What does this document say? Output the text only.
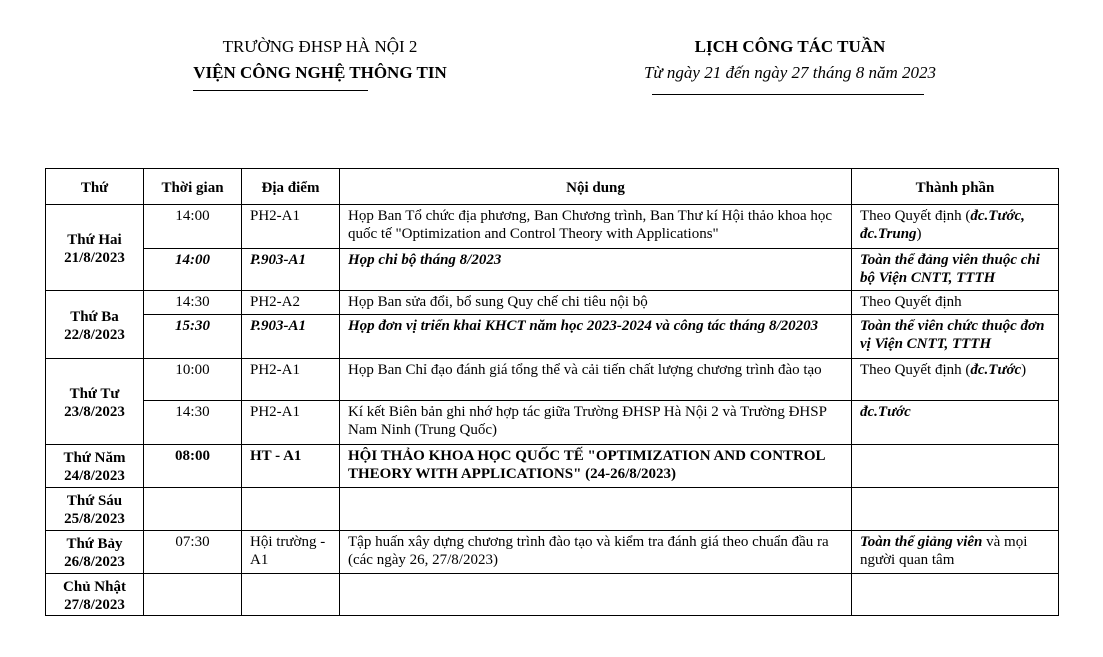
TRƯỜNG ĐHSP HÀ NỘI 2
VIỆN CÔNG NGHỆ THÔNG TIN
LỊCH CÔNG TÁC TUẦN
Từ ngày 21 đến ngày 27 tháng 8 năm 2023
Thứ	Thời gian	Địa điểm	Nội dung	Thành phần

Thứ Hai
21/8/2023	14:00	PH2-A1	Họp Ban Tổ chức địa phương, Ban Chương trình, Ban Thư kí Hội thảo khoa học quốc tế "Optimization and Control Theory with Applications"	Theo Quyết định (đc.Tước, đc.Trung)
	14:00	P.903-A1	Họp chi bộ tháng 8/2023	Toàn thể đảng viên thuộc chi bộ Viện CNTT, TTTH

Thứ Ba
22/8/2023	14:30	PH2-A2	Họp Ban sửa đổi, bổ sung Quy chế chi tiêu nội bộ	Theo Quyết định
	15:30	P.903-A1	Họp đơn vị triển khai KHCT năm học 2023-2024 và công tác tháng 8/20203	Toàn thể viên chức thuộc đơn vị Viện CNTT, TTTH

Thứ Tư
23/8/2023	10:00	PH2-A1	Họp Ban Chỉ đạo đánh giá tổng thể và cải tiến chất lượng chương trình đào tạo	Theo Quyết định (đc.Tước)
	14:30	PH2-A1	Kí kết Biên bản ghi nhớ hợp tác giữa Trường ĐHSP Hà Nội 2 và Trường ĐHSP Nam Ninh (Trung Quốc)	đc.Tước

Thứ Năm
24/8/2023	08:00	HT - A1	HỘI THẢO KHOA HỌC QUỐC TẾ "OPTIMIZATION AND CONTROL THEORY WITH APPLICATIONS" (24-26/8/2023)	

Thứ Sáu
25/8/2023				

Thứ Bảy
26/8/2023	07:30	Hội trường - A1	Tập huấn xây dựng chương trình đào tạo và kiểm tra đánh giá theo chuẩn đầu ra (các ngày 26, 27/8/2023)	Toàn thể giảng viên và mọi người quan tâm

Chủ Nhật
27/8/2023				
